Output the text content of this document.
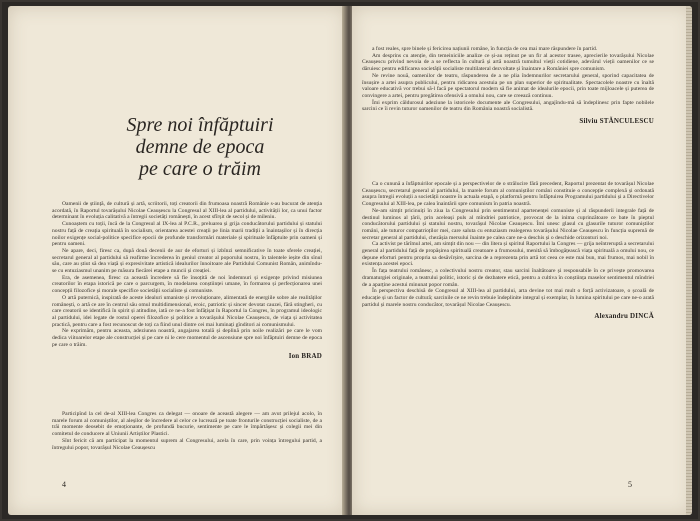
Spre noi înfăptuiri
demne de epoca
pe care o trăim

Oamenii de știință, de cultură și artă, scriitorii, toți creatorii din frumoasa noastră Românie s-au bucurat de atenția acordată, în Raportul tovarășului Nicolae Ceaușescu la Congresul al XIII-lea al partidului, activității lor, ca unui factor determinant în evoluția calitativă a întregii societăți românești, în acest sfîrșit de secol și de mileniu.

Cunoaștem cu toții, încă de la Congresul al IX-lea al P.C.R., preluarea și grija conducătorului partidului și statului nostru față de creația spirituală în socialism, orientarea acestei creații pe linia marii tradiții a înaintașilor și în direcția noilor exigențe social-politice specifice epocii de profunde transformări materiale și spirituale înfăptuite prin oameni și pentru oameni.

Ne apare, deci, firesc ca, după două decenii de aur de eforturi și izbînzi semnificative în toate sferele creației, secretarul general al partidului să reafirme încrederea în geniul creator al poporului nostru, în talentele ieșite din sînul său, care au știut să dea viață și expresivitate artistică idealurilor înnoitoare ale Partidului Comunist Român, animîndu-se cu entuziasmul unanim pe măsura fiecărei etape a muncii și creației.

Era, de asemenea, firesc ca această încredere să fie însoțită de noi îndemnuri și exigențe privind misiunea creatorilor în etapa istorică pe care o parcurgem, în modelarea conștiinței umane, în formarea și perfecționarea unei concepții filozofice și morale specifice societății socialiste și comuniste.

O artă puternică, inspirată de aceste idealuri umaniste și revoluționare, alimentată de energiile sobre ale realităților românești, o artă ce are în centrul său omul multidimensional, eroic, patriotic și sincer devotat cauzei, fără stingheri, cu care creatorii se identifică în spirit și atitudine, iată ce ne-a fost înfățișat în Raportul la Congres, în programul ideologic al partidului, idei legate de rostul operei filozofice și politice a tovarășului Nicolae Ceaușescu, de viața și activitatea practică, pentru care a fost recunoscut de toți ca fiind unul dintre cei mai luminați gînditori ai comunismului.

Ne exprimăm, pentru aceasta, adeziunea noastră, angajarea totală și deplină prin noile realizări pe care le vom dedica viitoarelor etape ale construcției și pe care ni le cere momentul de ascensiune spre noi înfăptuiri demne de epoca pe care o trăim.

Ion BRAD

Participînd la cel de-al XIII-lea Congres ca delegat — onoare de această alegere — am avut prilejul acolo, în marele forum al comuniștilor, al aleșilor de încredere al celor ce lucrează pe toate fronturile construcției socialiste, de a trăi momente deosebit de emoționante, de profundă bucurie, sentimente pe care le împărtășesc și colegii mei din comitetul de conducere al Uniunii Artiștilor Plastici.

Sînt fericit că am participat la momentul suprem al Congresului, acela în care, prin voința întregului partid, a întregului popor, tovarășul Nicolae Ceaușescu

4

a fost reales, spre binele și fericirea națiunii române, în funcția de cea mai mare răspundere în partid.

Am desprins cu atenție, din temeiniciile analize ce și-au reținut pe un fir al acestor trasee, aprecierile tovarășului Nicolae Ceaușescu privind nevoia de a se reflecta în cultură și artă noastră tumultul vieții cotidiene, adevărul vieții oamenilor ce se dăruiesc pentru edificarea societății socialiste multilateral dezvoltate și înaintare a României spre comunism.

Ne revine nouă, oamenilor de teatru, răspunderea de a ne plia îndemnurilor secretarului general, sporind capacitatea de însușire a artei asupra publicului, pentru ridicarea acestuia pe un plan superior de spiritualitate. Spectacolele noastre cu înaltă valoare educativă vor trebui să-l facă pe spectatorul modern să fie animat de idealurile epocii, prin toate mijloacele și puterea de convingere a artei, pentru pregătirea ofensivă a omului nou, care se creează continuu.

Îmi exprim căldurosul adeziune la istoricele documente ale Congresului, angajîndu-mă să îndeplinesc prin fapte nobilele sarcini ce îi revin tuturor oamenilor de teatru din România noastră socialistă.

Silviu STĂNCULESCU

Ca o cunună a înfăptuirilor epocale și a perspectivelor de o strălucire fără precedent, Raportul prezentat de tovarășul Nicolae Ceaușescu, secretarul general al partidului, la marele forum al comuniștilor români constituie o concepție complexă și ordonată asupra întregii evoluții a societății noastre în actuala etapă, o platformă pentru înfăptuirea Programului partidului și a Directivelor Congresului al XIII-lea, pe calea înaintării spre comunism în patria noastră.

Ne-am simțit pricinuiți în ziua la Congresului prin sentimentul apartenenței comuniste și al răspunderii integrale față de destinul luminos al țării, prin aceleași puls al mîndriei patriotice, provocat de la inima cuprinzătoare ce bate în pieptul conducătorului partidului și statului nostru, tovarășul Nicolae Ceaușescu. Îmi unesc glasul cu glasurile tuturor comuniștilor români, ale tuturor compatrioților mei, care saluta cu entuziasm realegerea tovarășului Nicolae Ceaușescu în funcția supremă de secretar general al partidului, chezășia mersului înainte pe calea care ne-a deschis și o deschide orizonturi noi.

Ca activist pe tărîmul artei, am simțit din nou — din litera și spiritul Raportului la Congres — grija neîntreruptă a secretarului general al partidului față de propășirea spirituală creatoare a frumosului, menită să îmbogățească viața spirituală a omului nou, ce depune eforturi pentru propria sa desăvîrșire, sarcina de a reprezenta prin artă tot ceea ce este mai bun, mai frumos, mai nobil în existența acestei epoci.

În fața teatrului românesc, a colectivului nostru creator, stau sarcini înaltătoare și responsabile în ce privește promovarea dramaturgiei originale, a teatrului politic, istoric și de dezbatere etică, pentru a cultiva în conștiința maselor sentimentul mîndriei de a aparține acestui minunat popor român.

În perspectiva deschisă de Congresul al XIII-lea al partidului, arta devine tot mai mult o forță activizatoare, o școală de educație și un factor de cultură; sarcinile ce ne revin trebuie îndeplinite integral și exemplar, în lumina spiritului pe care ne-o arată partidul și marele nostru conducător, tovarășul Nicolae Ceaușescu.

Alexandru DINCĂ
5
